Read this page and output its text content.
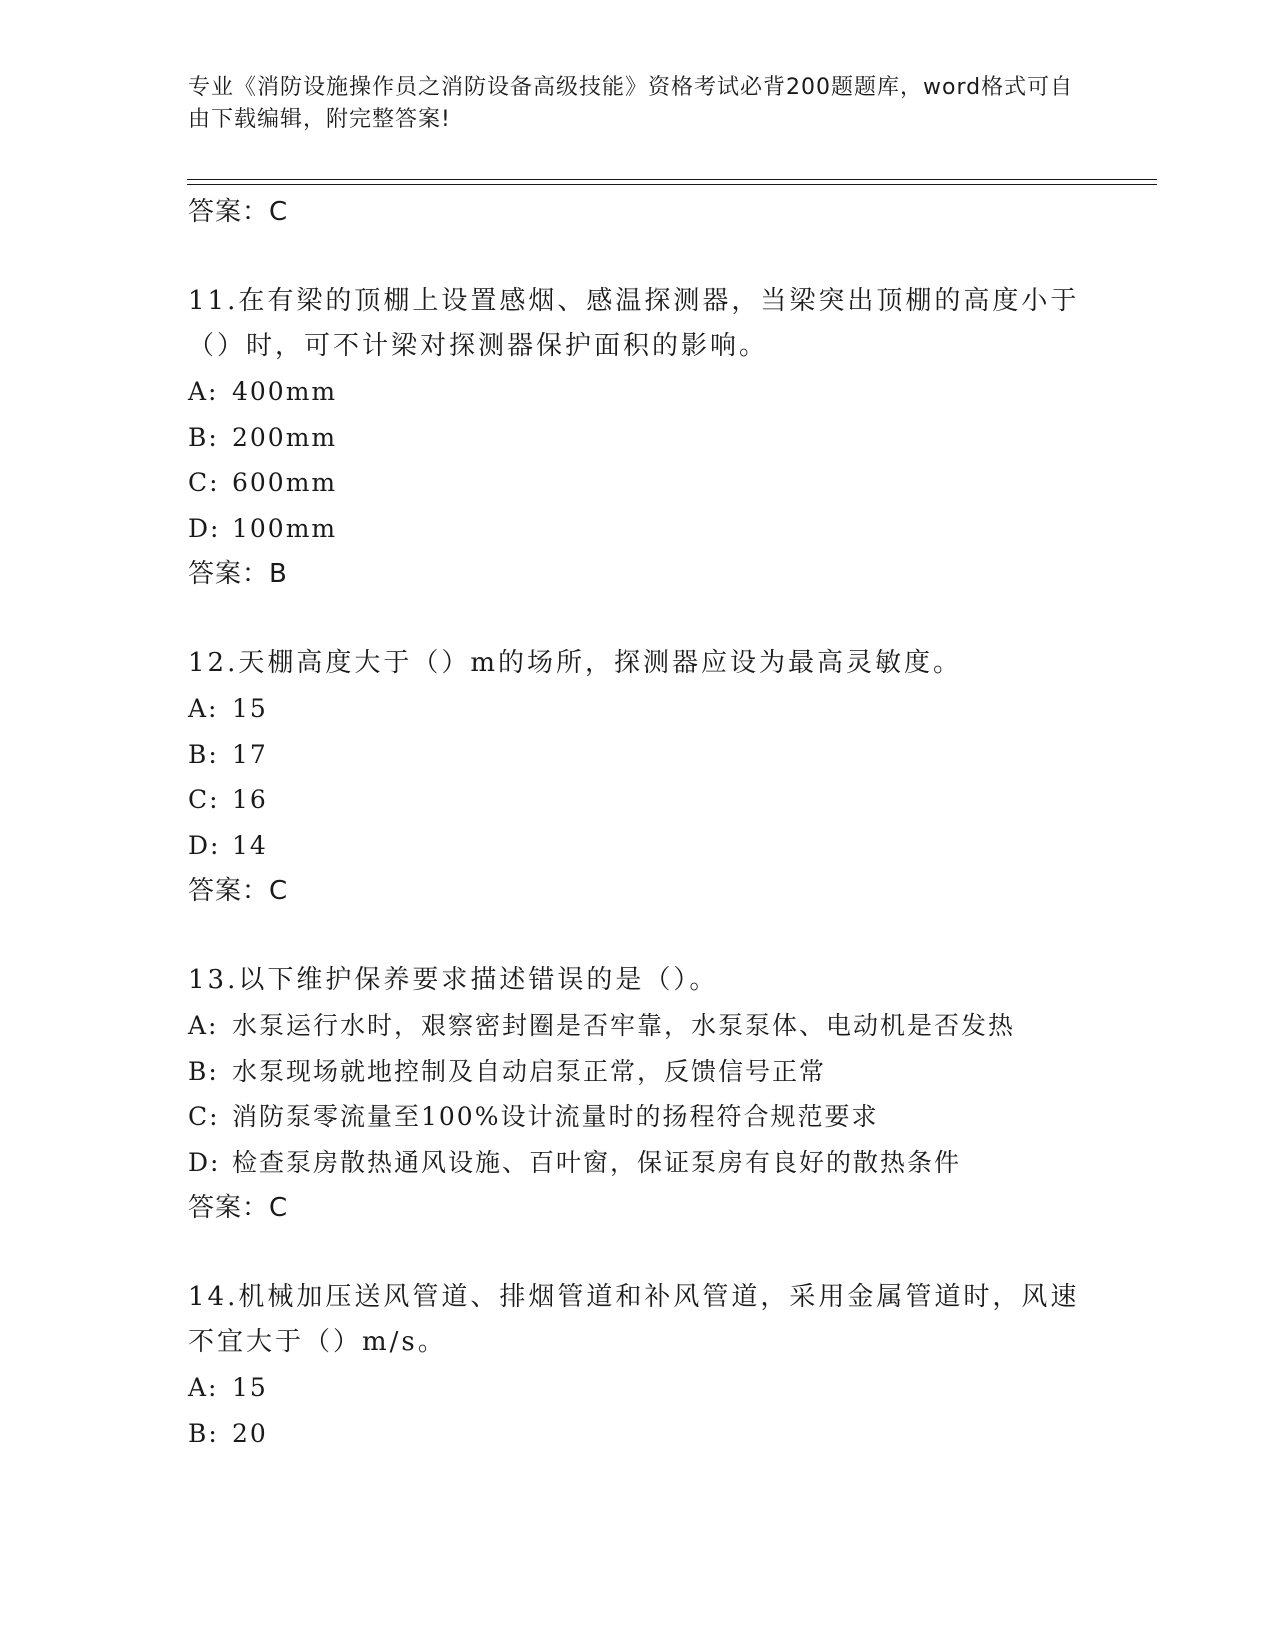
专业《消防设施操作员之消防设备高级技能》资格考试必背200题题库，word格式可自由下载编辑，附完整答案!
答案：C
11.在有梁的顶棚上设置感烟、感温探测器，当梁突出顶棚的高度小于（）时，可不计梁对探测器保护面积的影响。
A: 400mm
B: 200mm
C: 600mm
D: 100mm
答案：B
12.天棚高度大于（）m的场所，探测器应设为最高灵敏度。
A: 15
B: 17
C: 16
D: 14
答案：C
13.以下维护保养要求描述错误的是（）。
A: 水泵运行水时，艰察密封圈是否牢靠，水泵泵体、电动机是否发热
B: 水泵现场就地控制及自动启泵正常，反馈信号正常
C: 消防泵零流量至100%设计流量时的扬程符合规范要求
D: 检查泵房散热通风设施、百叶窗，保证泵房有良好的散热条件
答案：C
14.机械加压送风管道、排烟管道和补风管道，采用金属管道时，风速不宜大于（）m/s。
A: 15
B: 20
